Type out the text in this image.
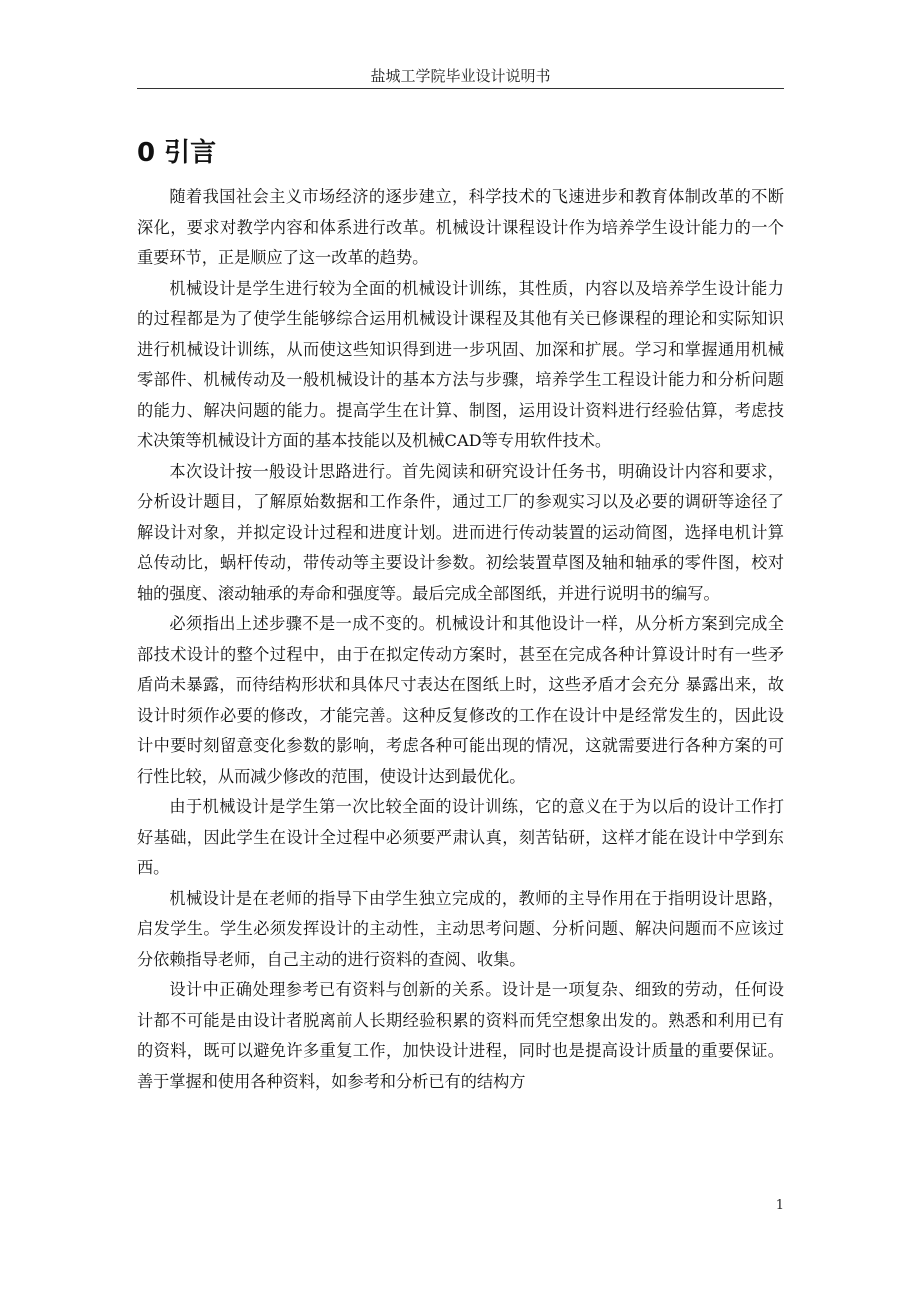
盐城工学院毕业设计说明书
0 引言

随着我国社会主义市场经济的逐步建立，科学技术的飞速进步和教育体制改革的不断深化，要求对教学内容和体系进行改革。机械设计课程设计作为培养学生设计能力的一个重要环节，正是顺应了这一改革的趋势。

机械设计是学生进行较为全面的机械设计训练，其性质，内容以及培养学生设计能力的过程都是为了使学生能够综合运用机械设计课程及其他有关已修课程的理论和实际知识进行机械设计训练，从而使这些知识得到进一步巩固、加深和扩展。学习和掌握通用机械零部件、机械传动及一般机械设计的基本方法与步骤，培养学生工程设计能力和分析问题的能力、解决问题的能力。提高学生在计算、制图，运用设计资料进行经验估算，考虑技术决策等机械设计方面的基本技能以及机械CAD等专用软件技术。

本次设计按一般设计思路进行。首先阅读和研究设计任务书，明确设计内容和要求，分析设计题目，了解原始数据和工作条件，通过工厂的参观实习以及必要的调研等途径了解设计对象，并拟定设计过程和进度计划。进而进行传动装置的运动简图，选择电机计算总传动比，蜗杆传动，带传动等主要设计参数。初绘装置草图及轴和轴承的零件图，校对轴的强度、滚动轴承的寿命和强度等。最后完成全部图纸，并进行说明书的编写。

必须指出上述步骤不是一成不变的。机械设计和其他设计一样，从分析方案到完成全部技术设计的整个过程中，由于在拟定传动方案时，甚至在完成各种计算设计时有一些矛盾尚未暴露，而待结构形状和具体尺寸表达在图纸上时，这些矛盾才会充分 暴露出来，故设计时须作必要的修改，才能完善。这种反复修改的工作在设计中是经常发生的，因此设计中要时刻留意变化参数的影响，考虑各种可能出现的情况，这就需要进行各种方案的可行性比较，从而减少修改的范围，使设计达到最优化。

由于机械设计是学生第一次比较全面的设计训练，它的意义在于为以后的设计工作打好基础，因此学生在设计全过程中必须要严肃认真，刻苦钻研，这样才能在设计中学到东西。

机械设计是在老师的指导下由学生独立完成的，教师的主导作用在于指明设计思路，启发学生。学生必须发挥设计的主动性，主动思考问题、分析问题、解决问题而不应该过分依赖指导老师，自己主动的进行资料的查阅、收集。

设计中正确处理参考已有资料与创新的关系。设计是一项复杂、细致的劳动，任何设计都不可能是由设计者脱离前人长期经验积累的资料而凭空想象出发的。熟悉和利用已有的资料，既可以避免许多重复工作，加快设计进程，同时也是提高设计质量的重要保证。善于掌握和使用各种资料，如参考和分析已有的结构方

1
